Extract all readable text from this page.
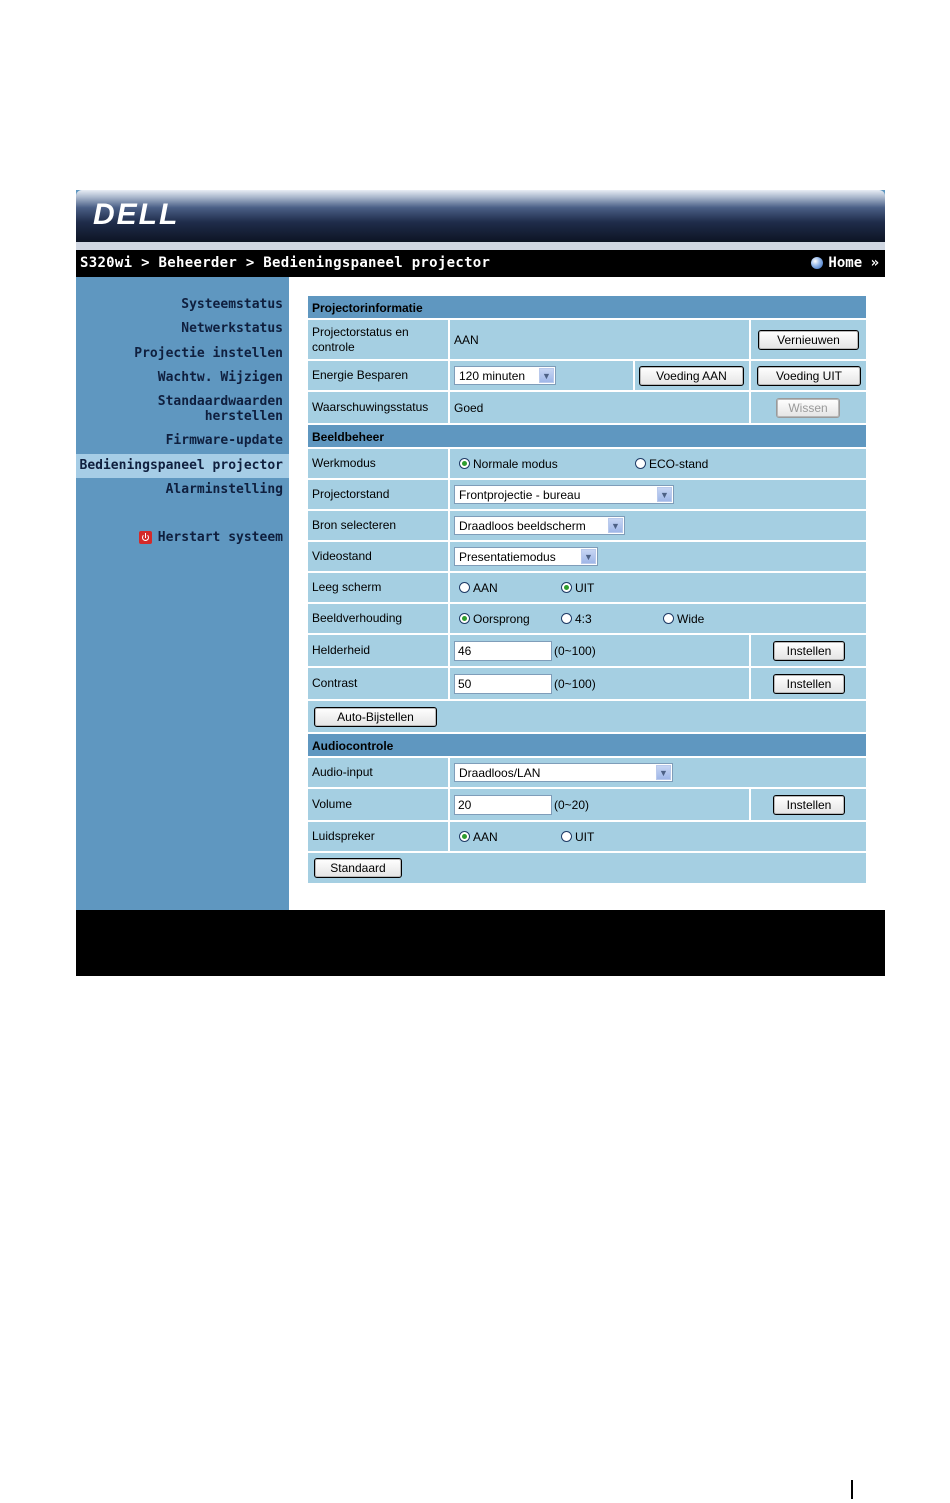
DELL
S320wi > Beheerder > Bedieningspaneel projector	Home »
Systeemstatus
Netwerkstatus
Projectie instellen
Wachtw. Wijzigen
Standaardwaarden herstellen
Firmware-update
Bedieningspaneel projector
Alarminstelling
Herstart systeem
Projectorinformatie
Projectorstatus en controle	AAN	Vernieuwen
Energie Besparen	120 minuten	▼	Voeding AAN	Voeding UIT
Waarschuwingsstatus	Goed	Wissen
Beeldbeheer
Werkmodus	Normale modus	ECO-stand
Projectorstand	Frontprojectie - bureau	▼
Bron selecteren	Draadloos beeldscherm	▼
Videostand	Presentatiemodus	▼
Leeg scherm	AAN	UIT
Beeldverhouding	Oorsprong	4:3	Wide
Helderheid	46	(0~100)	Instellen
Contrast	50	(0~100)	Instellen
Auto-Bijstellen
Audiocontrole
Audio-input	Draadloos/LAN	▼
Volume	20	(0~20)	Instellen
Luidspreker	AAN	UIT
Standaard
